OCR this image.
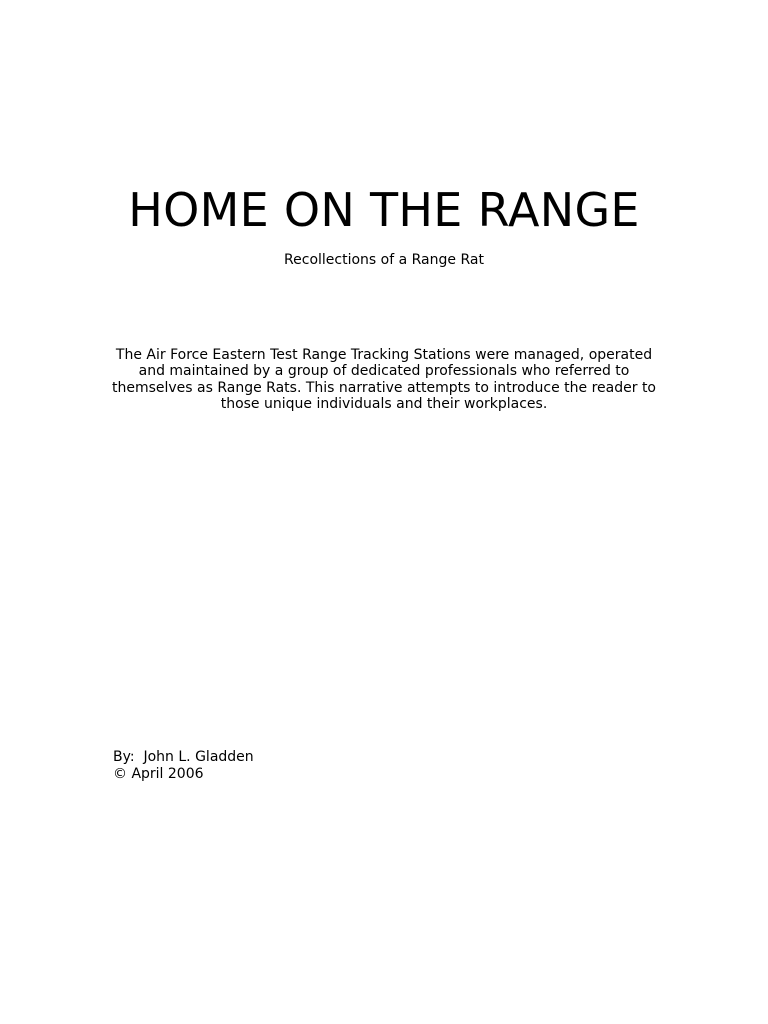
HOME ON THE RANGE

Recollections of a Range Rat

The Air Force Eastern Test Range Tracking Stations were managed, operated
and maintained by a group of dedicated professionals who referred to
themselves as Range Rats. This narrative attempts to introduce the reader to
those unique individuals and their workplaces.

By:  John L. Gladden
© April 2006
